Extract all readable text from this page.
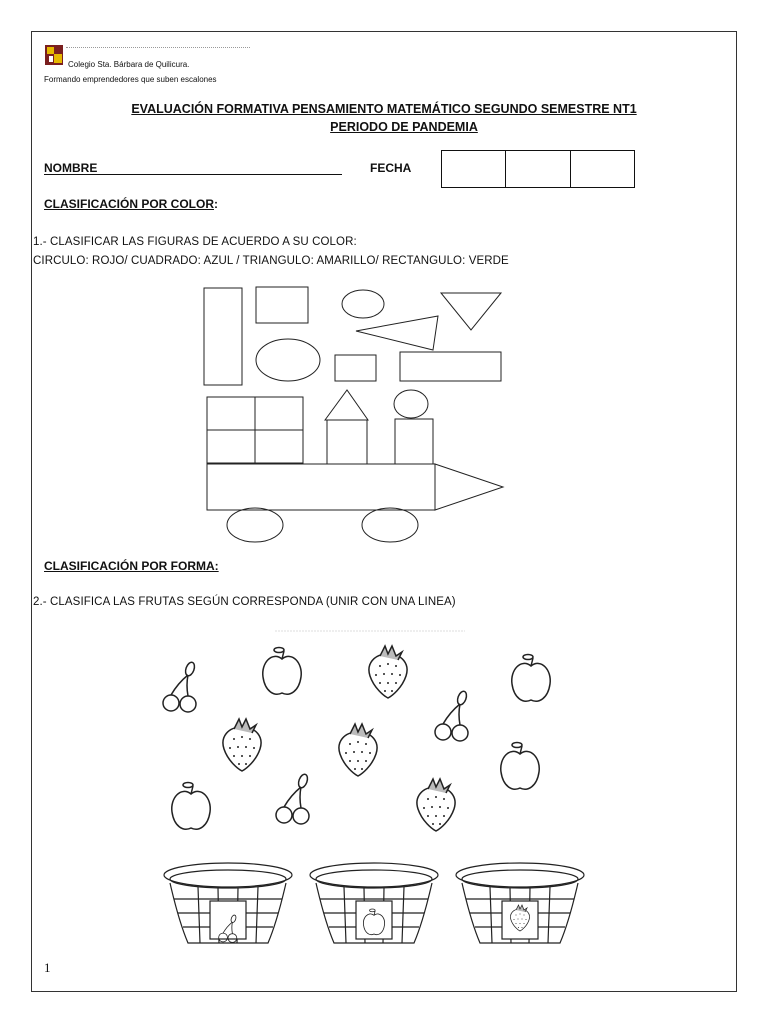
Colegio Sta. Bárbara de Quilicura.
Formando emprendedores que suben escalones
EVALUACIÓN FORMATIVA PENSAMIENTO MATEMÁTICO SEGUNDO SEMESTRE NT1
PERIODO DE PANDEMIA
NOMBRE	FECHA
CLASIFICACIÓN POR COLOR:
1.- CLASIFICAR LAS FIGURAS DE ACUERDO A SU COLOR:
CIRCULO: ROJO/ CUADRADO: AZUL / TRIANGULO: AMARILLO/ RECTANGULO: VERDE
CLASIFICACIÓN POR FORMA:
2.- CLASIFICA LAS FRUTAS SEGÚN CORRESPONDA (UNIR CON UNA LINEA)
1
